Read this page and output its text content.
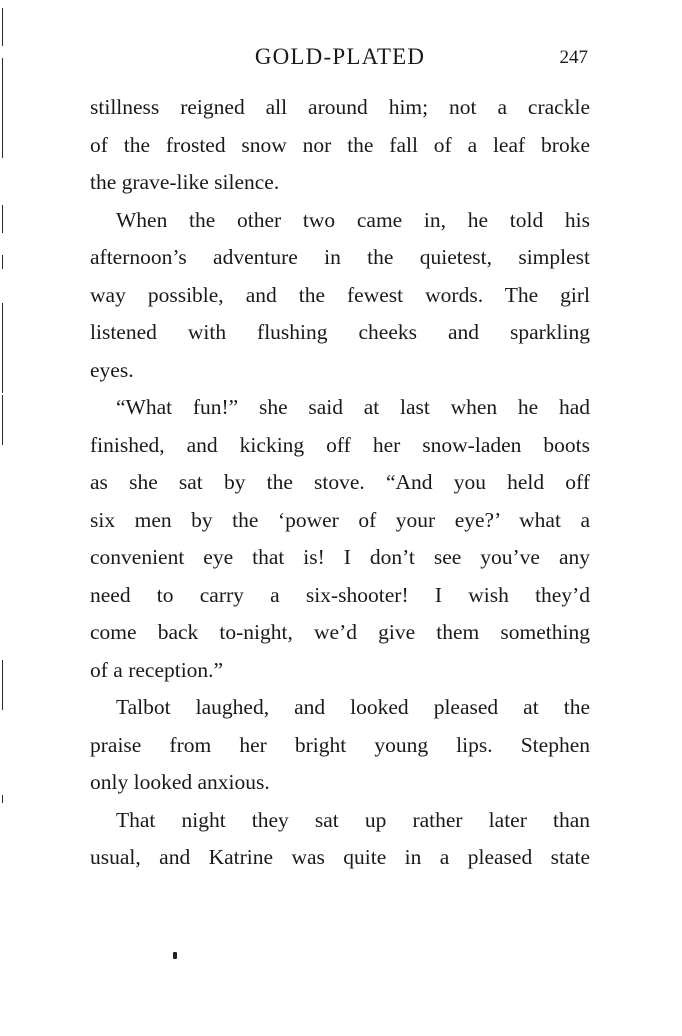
GOLD-PLATED	247

stillness reigned all around him; not a crackle
of the frosted snow nor the fall of a leaf broke

the grave-like silence.

When the other two came in, he told his

afternoon’s adventure in the quietest, simplest
way possible, and the fewest words. The girl
listened with flushing cheeks and sparkling

eyes.

“What fun!” she said at last when he had

finished, and kicking off her snow-laden boots
as she sat by the stove. “And you held off
six men by the ‘power of your eye?’ what a
convenient eye that is! I don’t see you’ve any
need to carry a six-shooter! I wish they’d
come back to-night, we’d give them something

of a reception.”

Talbot laughed, and looked pleased at the

praise from her bright young lips. Stephen

only looked anxious.

That night they sat up rather later than

usual, and Katrine was quite in a pleased state
